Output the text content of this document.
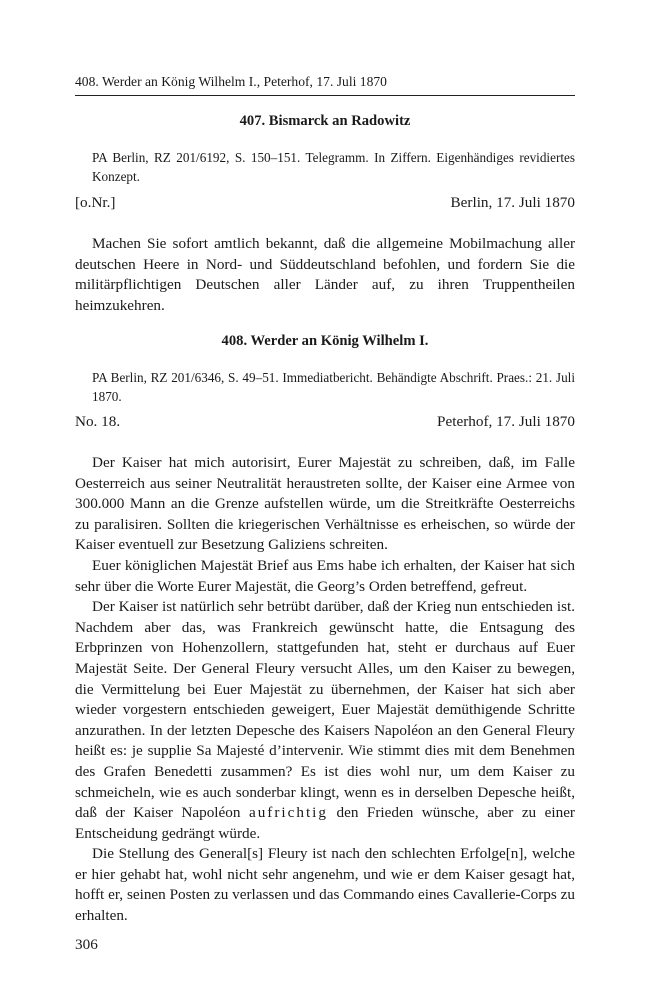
408. Werder an König Wilhelm I., Peterhof, 17. Juli 1870
407. Bismarck an Radowitz
PA Berlin, RZ 201/6192, S. 150–151. Telegramm. In Ziffern. Eigenhändiges revidiertes Konzept.
[o.Nr.]	Berlin, 17. Juli 1870

Machen Sie sofort amtlich bekannt, daß die allgemeine Mobilmachung aller deutschen Heere in Nord- und Süddeutschland befohlen, und fordern Sie die militärpflichtigen Deutschen aller Länder auf, zu ihren Truppentheilen heimzukehren.

408. Werder an König Wilhelm I.
PA Berlin, RZ 201/6346, S. 49–51. Immediatbericht. Behändigte Abschrift. Praes.: 21. Juli 1870.
No. 18.	Peterhof, 17. Juli 1870

Der Kaiser hat mich autorisirt, Eurer Majestät zu schreiben, daß, im Falle Oesterreich aus seiner Neutralität heraustreten sollte, der Kaiser eine Armee von 300.000 Mann an die Grenze aufstellen würde, um die Streitkräfte Oesterreichs zu paralisiren. Sollten die kriegerischen Verhältnisse es erheischen, so würde der Kaiser eventuell zur Besetzung Galiziens schreiten.

Euer königlichen Majestät Brief aus Ems habe ich erhalten, der Kaiser hat sich sehr über die Worte Eurer Majestät, die Georg’s Orden betreffend, gefreut.

Der Kaiser ist natürlich sehr betrübt darüber, daß der Krieg nun entschieden ist. Nachdem aber das, was Frankreich gewünscht hatte, die Entsagung des Erbprinzen von Hohenzollern, stattgefunden hat, steht er durchaus auf Euer Majestät Seite. Der General Fleury versucht Alles, um den Kaiser zu bewegen, die Vermittelung bei Euer Majestät zu übernehmen, der Kaiser hat sich aber wieder vorgestern entschieden geweigert, Euer Majestät demüthigende Schritte anzurathen. In der letzten Depesche des Kaisers Napoléon an den General Fleury heißt es: je supplie Sa Majesté d’intervenir. Wie stimmt dies mit dem Benehmen des Grafen Benedetti zusammen? Es ist dies wohl nur, um dem Kaiser zu schmeicheln, wie es auch sonderbar klingt, wenn es in derselben Depesche heißt, daß der Kaiser Napoléon aufrichtig den Frieden wünsche, aber zu einer Entscheidung gedrängt würde.

Die Stellung des General[s] Fleury ist nach den schlechten Erfolge[n], welche er hier gehabt hat, wohl nicht sehr angenehm, und wie er dem Kaiser gesagt hat, hofft er, seinen Posten zu verlassen und das Commando eines Cavallerie-Corps zu erhalten.

306
